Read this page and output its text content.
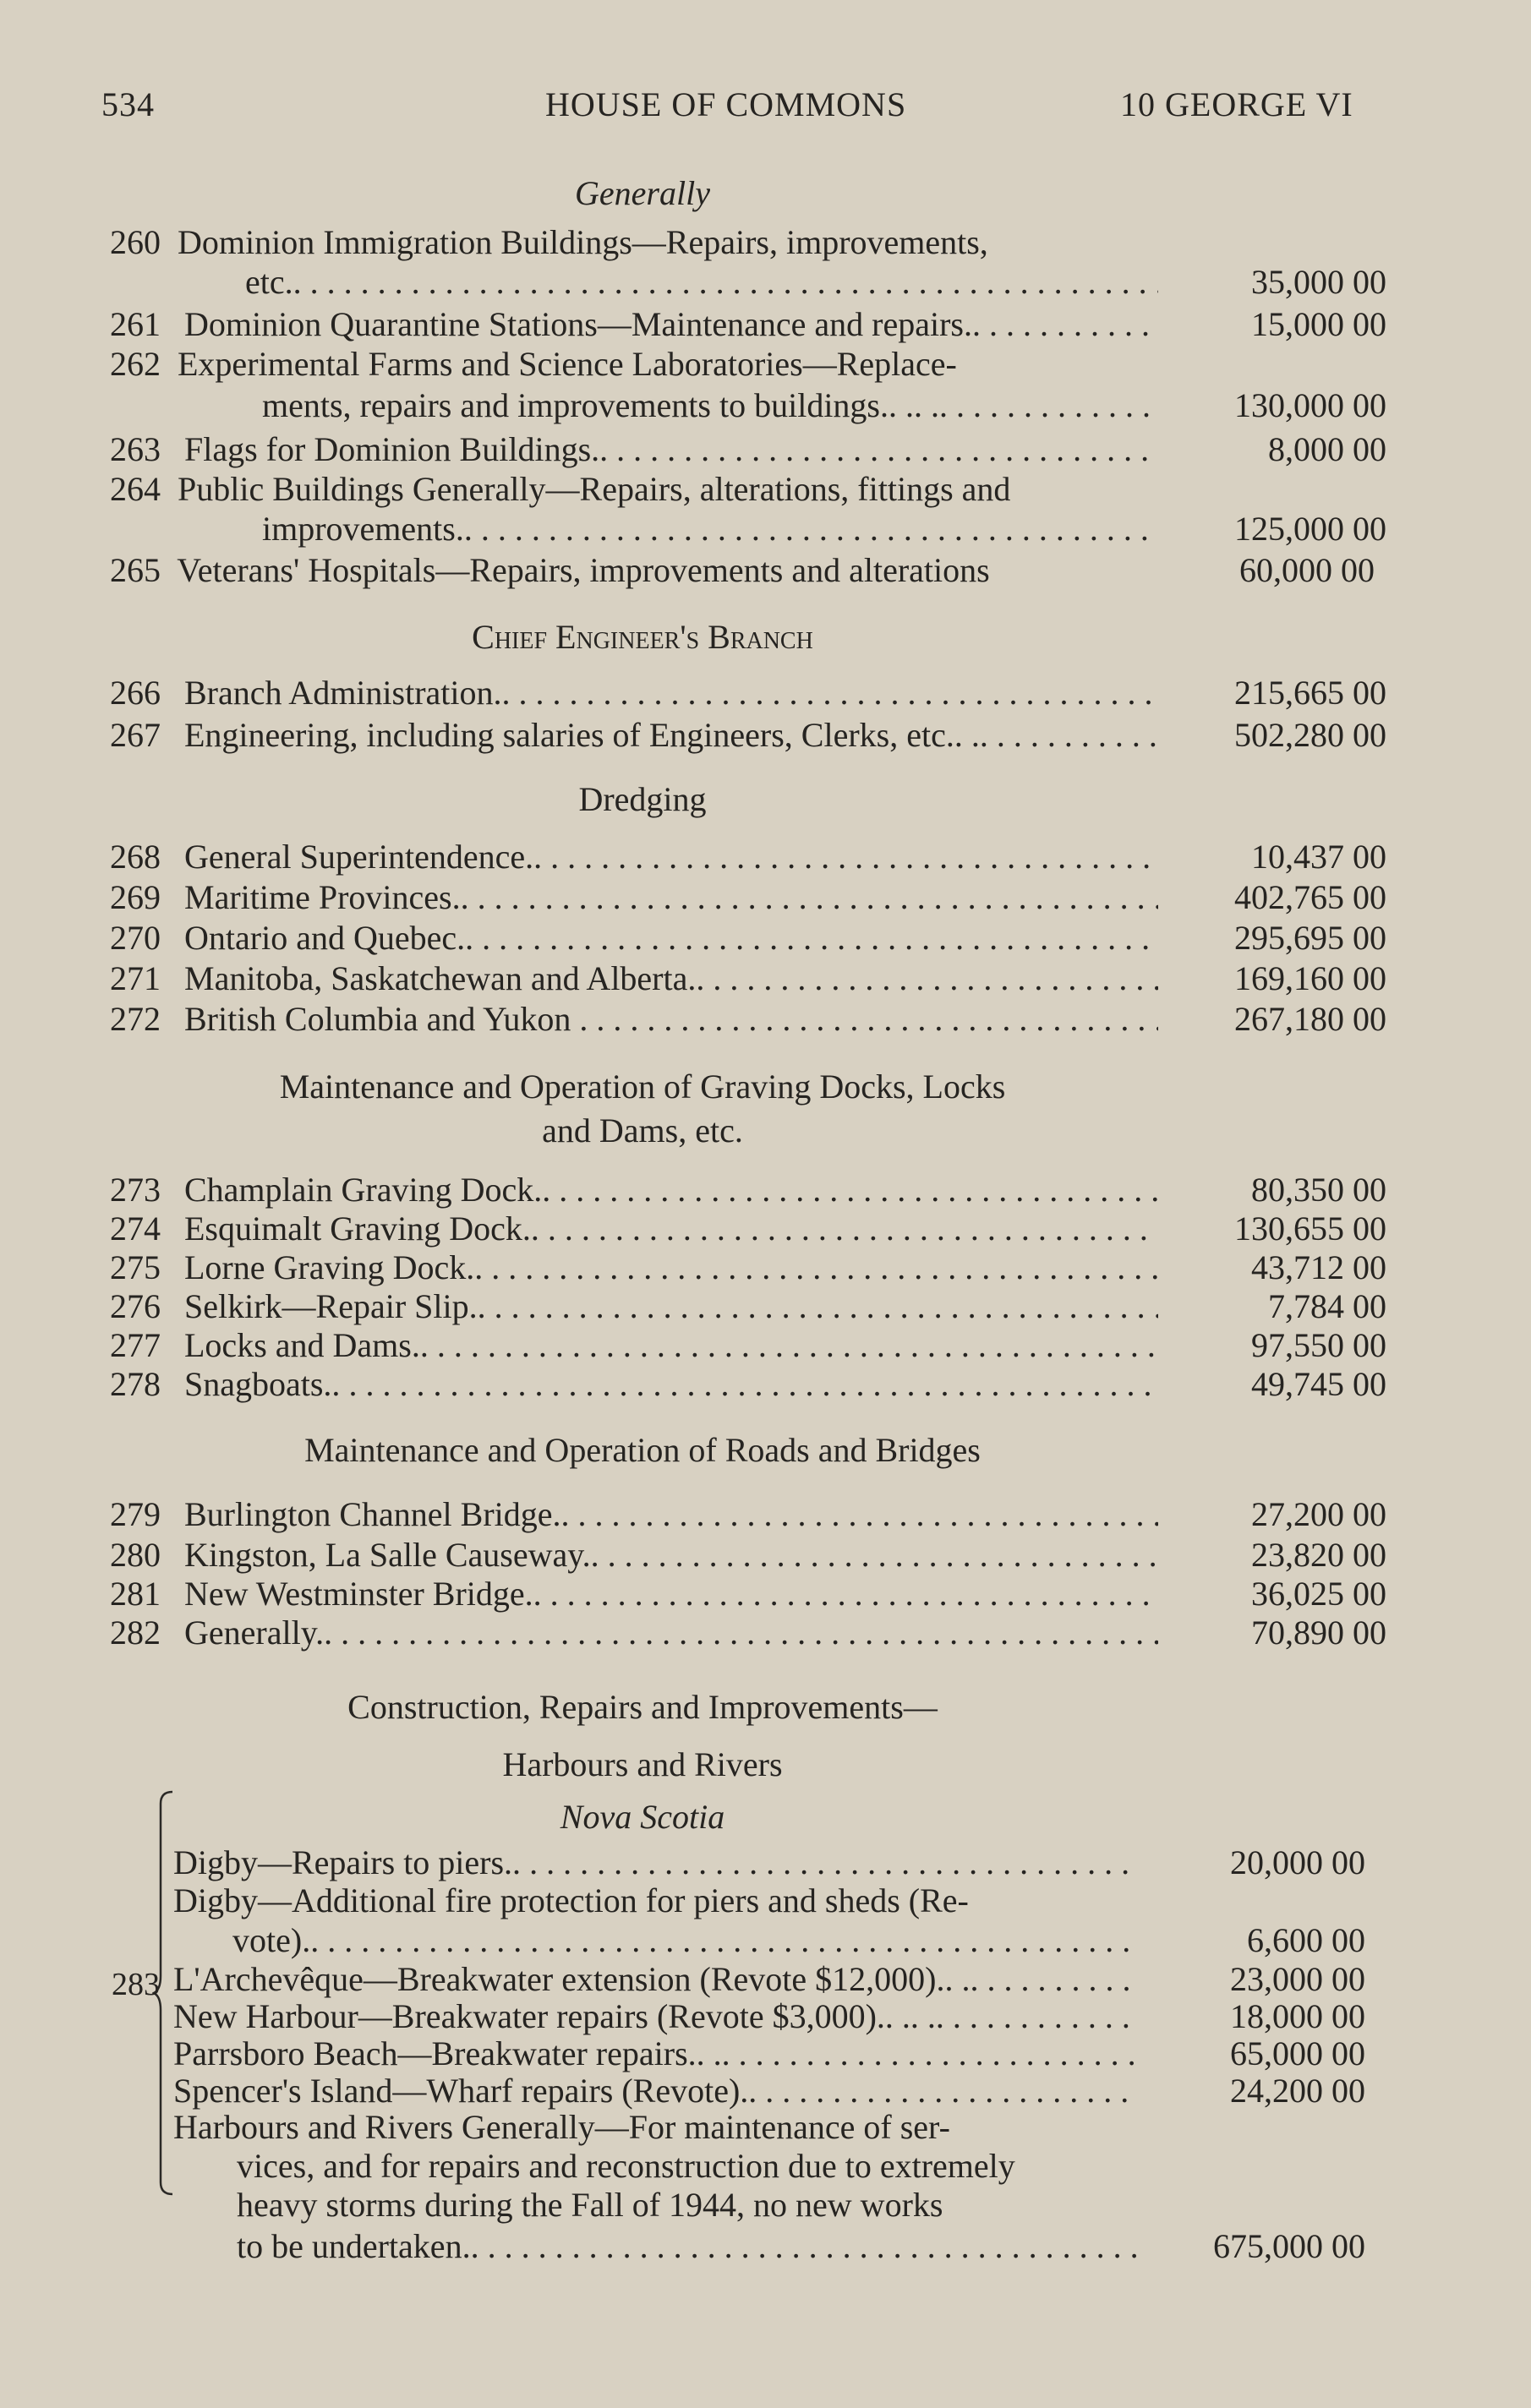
534	HOUSE OF COMMONS	10 GEORGE VI
Generally
260 Dominion Immigration Buildings—Repairs, improvements,
etc.. . . .	35,000 00
261 Dominion Quarantine Stations—Maintenance and repairs.. . . .	15,000 00
262 Experimental Farms and Science Laboratories—Replace-
ments, repairs and improvements to buildings.. .. .. . . .	130,000 00
263 Flags for Dominion Buildings.. . . .	8,000 00
264 Public Buildings Generally—Repairs, alterations, fittings and
improvements.. . . .	125,000 00
265 Veterans' Hospitals—Repairs, improvements and alterations	60,000 00
Chief Engineer's Branch
266 Branch Administration.. . . .	215,665 00
267 Engineering, including salaries of Engineers, Clerks, etc.. .. . . .	502,280 00
Dredging
268 General Superintendence.. . . .	10,437 00
269 Maritime Provinces.. . . .	402,765 00
270 Ontario and Quebec.. . . .	295,695 00
271 Manitoba, Saskatchewan and Alberta.. . . .	169,160 00
272 British Columbia and Yukon . . .	267,180 00
Maintenance and Operation of Graving Docks, Locks
and Dams, etc.
273 Champlain Graving Dock.. . . .	80,350 00
274 Esquimalt Graving Dock.. . . .	130,655 00
275 Lorne Graving Dock.. . . .	43,712 00
276 Selkirk—Repair Slip.. . . .	7,784 00
277 Locks and Dams.. . . .	97,550 00
278 Snagboats.. . . .	49,745 00
Maintenance and Operation of Roads and Bridges
279 Burlington Channel Bridge.. . . .	27,200 00
280 Kingston, La Salle Causeway.. . . .	23,820 00
281 New Westminster Bridge.. . . .	36,025 00
282 Generally.. . . .	70,890 00
Construction, Repairs and Improvements—
Harbours and Rivers
Nova Scotia
283
Digby—Repairs to piers.. . . .	20,000 00
Digby—Additional fire protection for piers and sheds (Re-
vote).. . . .	6,600 00
L'Archevêque—Breakwater extension (Revote $12,000).. .. . . .	23,000 00
New Harbour—Breakwater repairs (Revote $3,000).. .. .. . . .	18,000 00
Parrsboro Beach—Breakwater repairs.. .. . . .	65,000 00
Spencer's Island—Wharf repairs (Revote).. . . .	24,200 00
Harbours and Rivers Generally—For maintenance of ser-
vices, and for repairs and reconstruction due to extremely
heavy storms during the Fall of 1944, no new works
to be undertaken.. . . .	675,000 00
